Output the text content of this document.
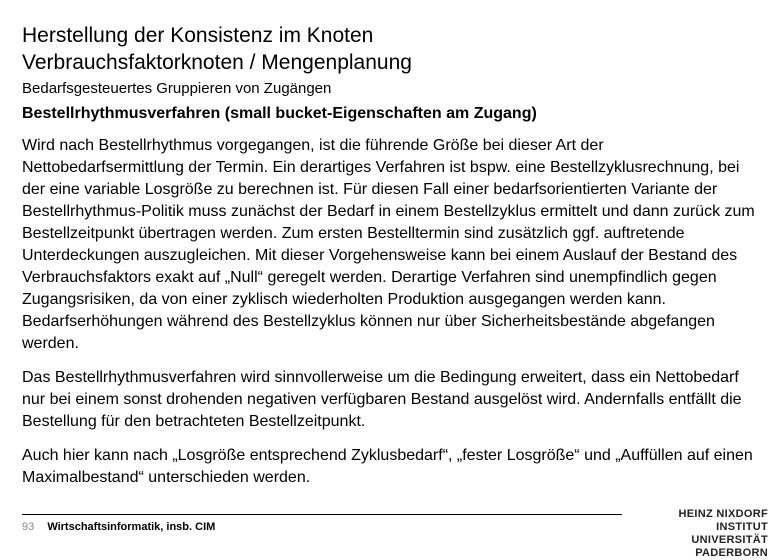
Herstellung der Konsistenz im Knoten
Verbrauchsfaktorknoten / Mengenplanung
Bedarfsgesteuertes Gruppieren von Zugängen
Bestellrhythmusverfahren (small bucket-Eigenschaften am Zugang)

Wird nach Bestellrhythmus vorgegangen, ist die führende Größe bei dieser Art der Nettobedarfsermittlung der Termin. Ein derartiges Verfahren ist bspw. eine Bestellzyklusrechnung, bei der eine variable Losgröße zu berechnen ist. Für diesen Fall einer bedarfsorientierten Variante der Bestellrhythmus-Politik muss zunächst der Bedarf in einem Bestellzyklus ermittelt und dann zurück zum Bestellzeitpunkt übertragen werden. Zum ersten Bestelltermin sind zusätzlich ggf. auftretende Unterdeckungen auszugleichen. Mit dieser Vorgehensweise kann bei einem Auslauf der Bestand des Verbrauchsfaktors exakt auf „Null“ geregelt werden. Derartige Verfahren sind unempfindlich gegen Zugangsrisiken, da von einer zyklisch wiederholten Produktion ausgegangen werden kann. Bedarfserhöhungen während des Bestellzyklus können nur über Sicherheitsbestände abgefangen werden.

Das Bestellrhythmusverfahren wird sinnvollerweise um die Bedingung erweitert, dass ein Nettobedarf nur bei einem sonst drohenden negativen verfügbaren Bestand ausgelöst wird. Andernfalls entfällt die Bestellung für den betrachteten Bestellzeitpunkt.

Auch hier kann nach „Losgröße entsprechend Zyklusbedarf“, „fester Losgröße“ und „Auffüllen auf einen Maximalbestand“ unterschieden werden.

93 Wirtschaftsinformatik, insb. CIM
HEINZ NIXDORF INSTITUT
UNIVERSITÄT PADERBORN
